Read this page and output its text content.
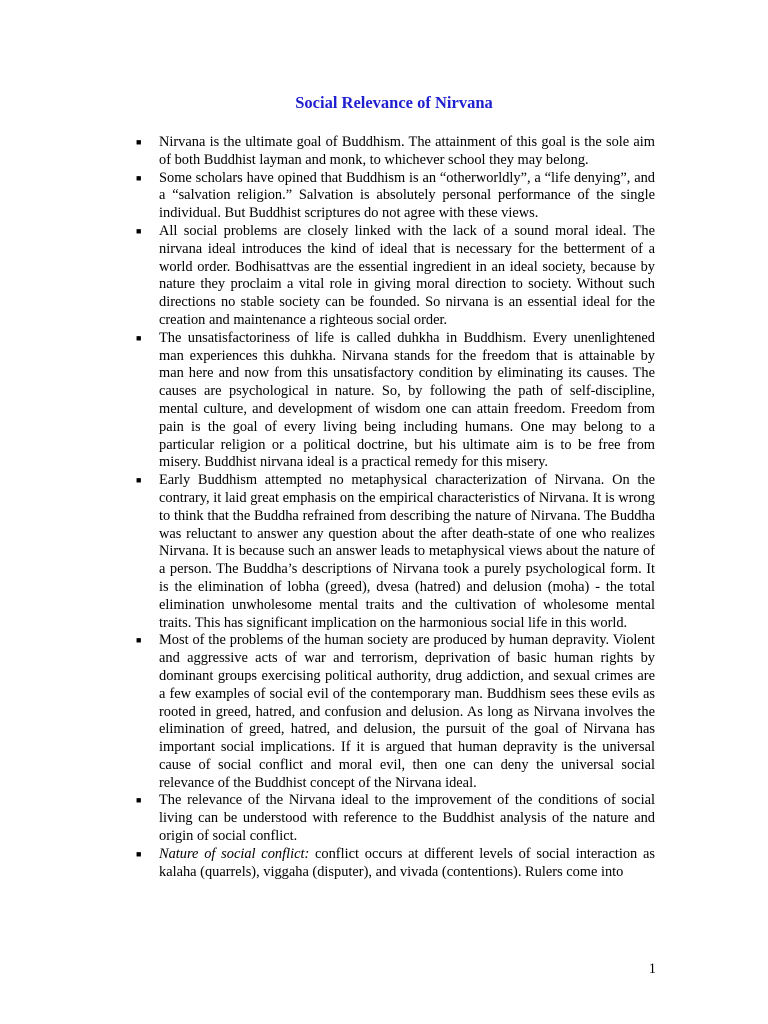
Social Relevance of Nirvana
■ Nirvana is the ultimate goal of Buddhism. The attainment of this goal is the sole aim of both Buddhist layman and monk, to whichever school they may belong.
■ Some scholars have opined that Buddhism is an “otherworldly”, a “life denying”, and a “salvation religion.” Salvation is absolutely personal performance of the single individual. But Buddhist scriptures do not agree with these views.
■ All social problems are closely linked with the lack of a sound moral ideal. The nirvana ideal introduces the kind of ideal that is necessary for the betterment of a world order. Bodhisattvas are the essential ingredient in an ideal society, because by nature they proclaim a vital role in giving moral direction to society. Without such directions no stable society can be founded. So nirvana is an essential ideal for the creation and maintenance a righteous social order.
■ The unsatisfactoriness of life is called duhkha in Buddhism. Every unenlightened man experiences this duhkha. Nirvana stands for the freedom that is attainable by man here and now from this unsatisfactory condition by eliminating its causes. The causes are psychological in nature. So, by following the path of self-discipline, mental culture, and development of wisdom one can attain freedom. Freedom from pain is the goal of every living being including humans. One may belong to a particular religion or a political doctrine, but his ultimate aim is to be free from misery. Buddhist nirvana ideal is a practical remedy for this misery.
■ Early Buddhism attempted no metaphysical characterization of Nirvana. On the contrary, it laid great emphasis on the empirical characteristics of Nirvana. It is wrong to think that the Buddha refrained from describing the nature of Nirvana. The Buddha was reluctant to answer any question about the after death-state of one who realizes Nirvana. It is because such an answer leads to metaphysical views about the nature of a person. The Buddha’s descriptions of Nirvana took a purely psychological form. It is the elimination of lobha (greed), dvesa (hatred) and delusion (moha) - the total elimination unwholesome mental traits and the cultivation of wholesome mental traits. This has significant implication on the harmonious social life in this world.
■ Most of the problems of the human society are produced by human depravity. Violent and aggressive acts of war and terrorism, deprivation of basic human rights by dominant groups exercising political authority, drug addiction, and sexual crimes are a few examples of social evil of the contemporary man. Buddhism sees these evils as rooted in greed, hatred, and confusion and delusion. As long as Nirvana involves the elimination of greed, hatred, and delusion, the pursuit of the goal of Nirvana has important social implications. If it is argued that human depravity is the universal cause of social conflict and moral evil, then one can deny the universal social relevance of the Buddhist concept of the Nirvana ideal.
■ The relevance of the Nirvana ideal to the improvement of the conditions of social living can be understood with reference to the Buddhist analysis of the nature and origin of social conflict.
■ Nature of social conflict: conflict occurs at different levels of social interaction as kalaha (quarrels), viggaha (disputer), and vivada (contentions). Rulers come into
1
